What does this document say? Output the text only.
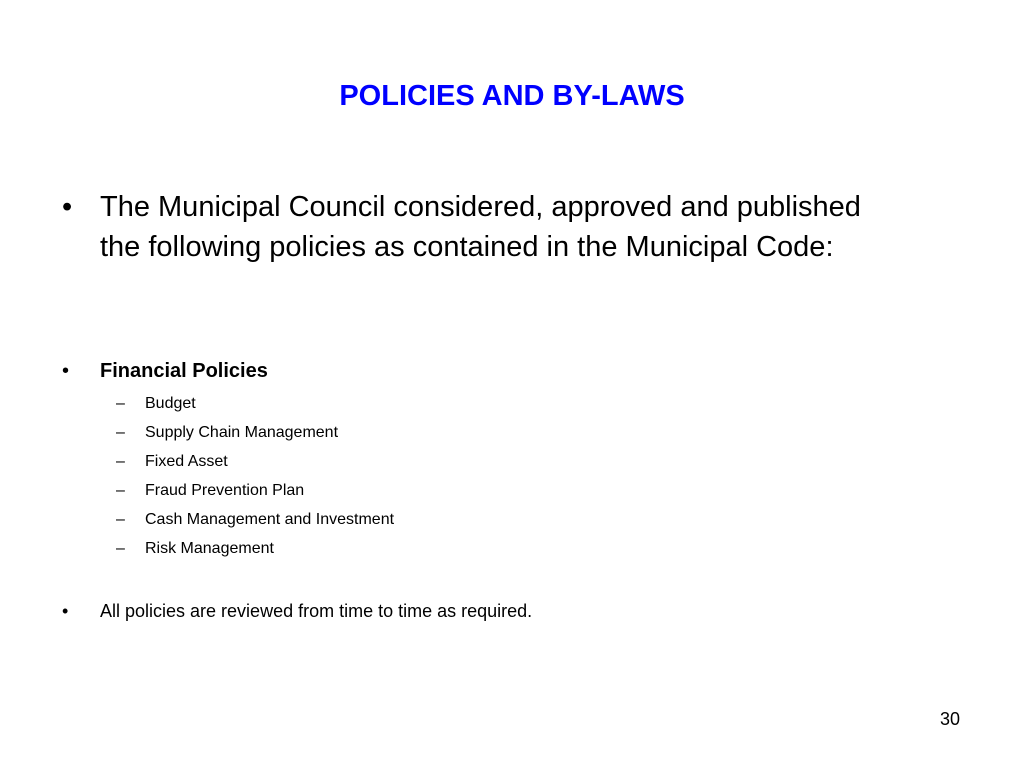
POLICIES AND BY-LAWS
• The Municipal Council considered, approved and published the following policies as contained in the Municipal Code:
•	Financial Policies
–	Budget
–	Supply Chain Management
–	Fixed Asset
–	Fraud Prevention Plan
–	Cash Management and Investment
–	Risk Management
•	All policies are reviewed from time to time as required.
30
